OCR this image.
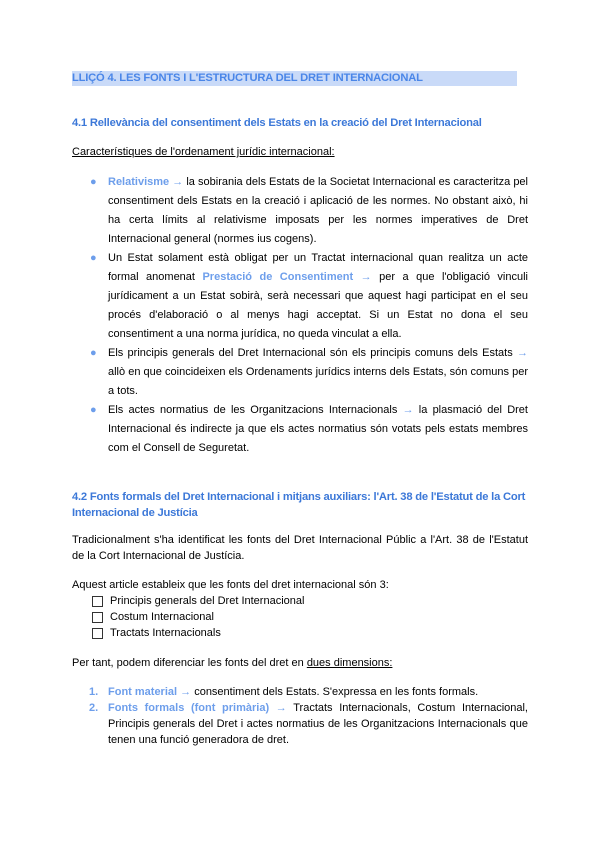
LLIÇÓ 4. LES FONTS I L'ESTRUCTURA DEL DRET INTERNACIONAL
4.1 Rellevància del consentiment dels Estats en la creació del Dret Internacional
Característiques de l'ordenament jurídic internacional:
● Relativisme → la sobirania dels Estats de la Societat Internacional es caracteritza pel consentiment dels Estats en la creació i aplicació de les normes. No obstant això, hi ha certa límits al relativisme imposats per les normes imperatives de Dret Internacional general (normes ius cogens).
● Un Estat solament està obligat per un Tractat internacional quan realitza un acte formal anomenat Prestació de Consentiment → per a que l'obligació vinculi jurídicament a un Estat sobirà, serà necessari que aquest hagi participat en el seu procés d'elaboració o al menys hagi acceptat. Si un Estat no dona el seu consentiment a una norma jurídica, no queda vinculat a ella.
● Els principis generals del Dret Internacional són els principis comuns dels Estats → allò en que coincideixen els Ordenaments jurídics interns dels Estats, són comuns per a tots.
● Els actes normatius de les Organitzacions Internacionals → la plasmació del Dret Internacional és indirecte ja que els actes normatius són votats pels estats membres com el Consell de Seguretat.
4.2 Fonts formals del Dret Internacional i mitjans auxiliars: l'Art. 38 de l'Estatut de la Cort Internacional de Justícia
Tradicionalment s'ha identificat les fonts del Dret Internacional Públic a l'Art. 38 de l'Estatut de la Cort Internacional de Justícia.
Aquest article estableix que les fonts del dret internacional són 3:
Principis generals del Dret Internacional
Costum Internacional
Tractats Internacionals
Per tant, podem diferenciar les fonts del dret en dues dimensions:
1. Font material → consentiment dels Estats. S'expressa en les fonts formals.
2. Fonts formals (font primària) → Tractats Internacionals, Costum Internacional, Principis generals del Dret i actes normatius de les Organitzacions Internacionals que tenen una funció generadora de dret.
